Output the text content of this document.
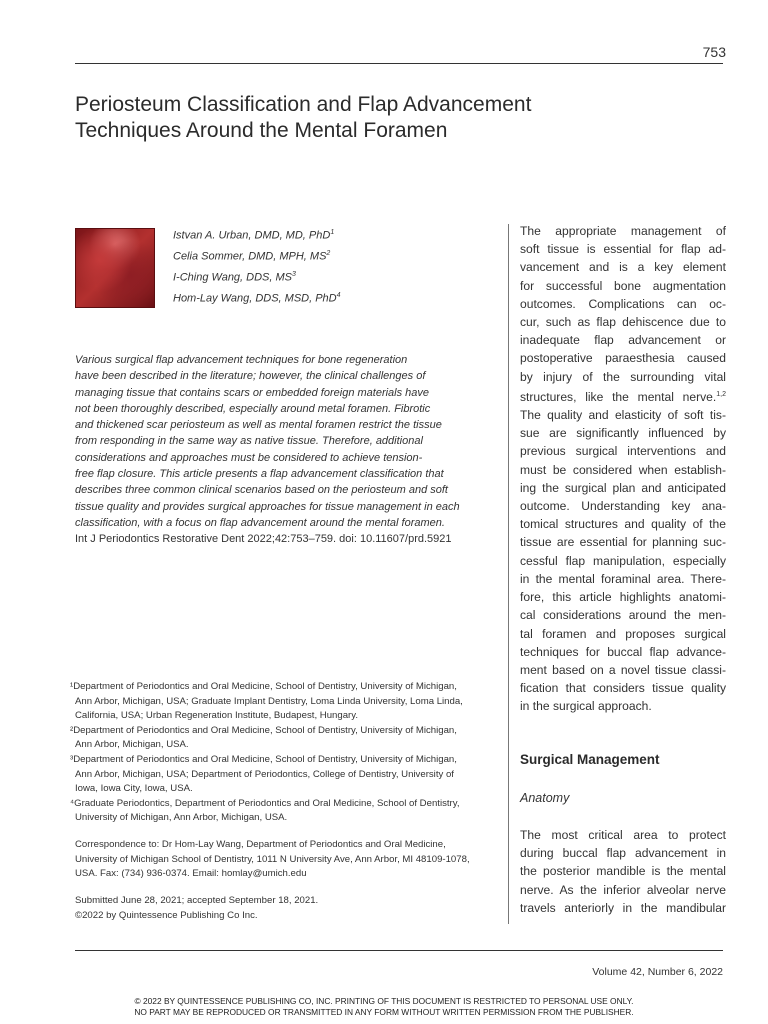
753
Periosteum Classification and Flap Advancement
Techniques Around the Mental Foramen
Istvan A. Urban, DMD, MD, PhD$^1$
Celia Sommer, DMD, MPH, $MS^2$
I-Ching Wang, DDS, $MS^3$
Hom-Lay Wang, DDS, MSD, PhD$^4$
Various surgical flap advancement techniques for bone regeneration
have been described in the literature; however, the clinical challenges of
managing tissue that contains scars or embedded foreign materials have
not been thoroughly described, especially around metal foramen. Fibrotic
and thickened scar periosteum as well as mental foramen restrict the tissue
from responding in the same way as native tissue. Therefore, additional
considerations and approaches must be considered to achieve tension-
free flap closure. This article presents a flap advancement classification that
describes three common clinical scenarios based on the periosteum and soft
tissue quality and provides surgical approaches for tissue management in each
classification, with a focus on flap advancement around the mental foramen.
Int J Periodontics Restorative Dent 2022;42:753–759. doi: 10.11607/prd.5921
¹Department of Periodontics and Oral Medicine, School of Dentistry, University of Michigan,
Ann Arbor, Michigan, USA; Graduate Implant Dentistry, Loma Linda University, Loma Linda,
California, USA; Urban Regeneration Institute, Budapest, Hungary.
²Department of Periodontics and Oral Medicine, School of Dentistry, University of Michigan,
Ann Arbor, Michigan, USA.
³Department of Periodontics and Oral Medicine, School of Dentistry, University of Michigan,
Ann Arbor, Michigan, USA; Department of Periodontics, College of Dentistry, University of
Iowa, Iowa City, Iowa, USA.
⁴Graduate Periodontics, Department of Periodontics and Oral Medicine, School of Dentistry,
University of Michigan, Ann Arbor, Michigan, USA.
Correspondence to: Dr Hom-Lay Wang, Department of Periodontics and Oral Medicine,
University of Michigan School of Dentistry, 1011 N University Ave, Ann Arbor, MI 48109-1078,
USA. Fax: (734) 936-0374. Email: homlay@umich.edu
Submitted June 28, 2021; accepted September 18, 2021.
©2022 by Quintessence Publishing Co Inc.
The appropriate management of
soft tissue is essential for flap ad-
vancement and is a key element
for successful bone augmentation
outcomes. Complications can oc-
cur, such as flap dehiscence due to
inadequate flap advancement or
postoperative paraesthesia caused
by injury of the surrounding vital
structures, like the mental nerve.$^{1,2}$
The quality and elasticity of soft tis-
sue are significantly influenced by
previous surgical interventions and
must be considered when establish-
ing the surgical plan and anticipated
outcome. Understanding key ana-
tomical structures and quality of the
tissue are essential for planning suc-
cessful flap manipulation, especially
in the mental foraminal area. There-
fore, this article highlights anatomi-
cal considerations around the men-
tal foramen and proposes surgical
techniques for buccal flap advance-
ment based on a novel tissue classi-
fication that considers tissue quality
in the surgical approach.
Surgical Management
Anatomy
The most critical area to protect
during buccal flap advancement in
the posterior mandible is the mental
nerve. As the inferior alveolar nerve
travels anteriorly in the mandibular
Volume 42, Number 6, 2022
© 2022 BY QUINTESSENCE PUBLISHING CO, INC. PRINTING OF THIS DOCUMENT IS RESTRICTED TO PERSONAL USE ONLY.
NO PART MAY BE REPRODUCED OR TRANSMITTED IN ANY FORM WITHOUT WRITTEN PERMISSION FROM THE PUBLISHER.
